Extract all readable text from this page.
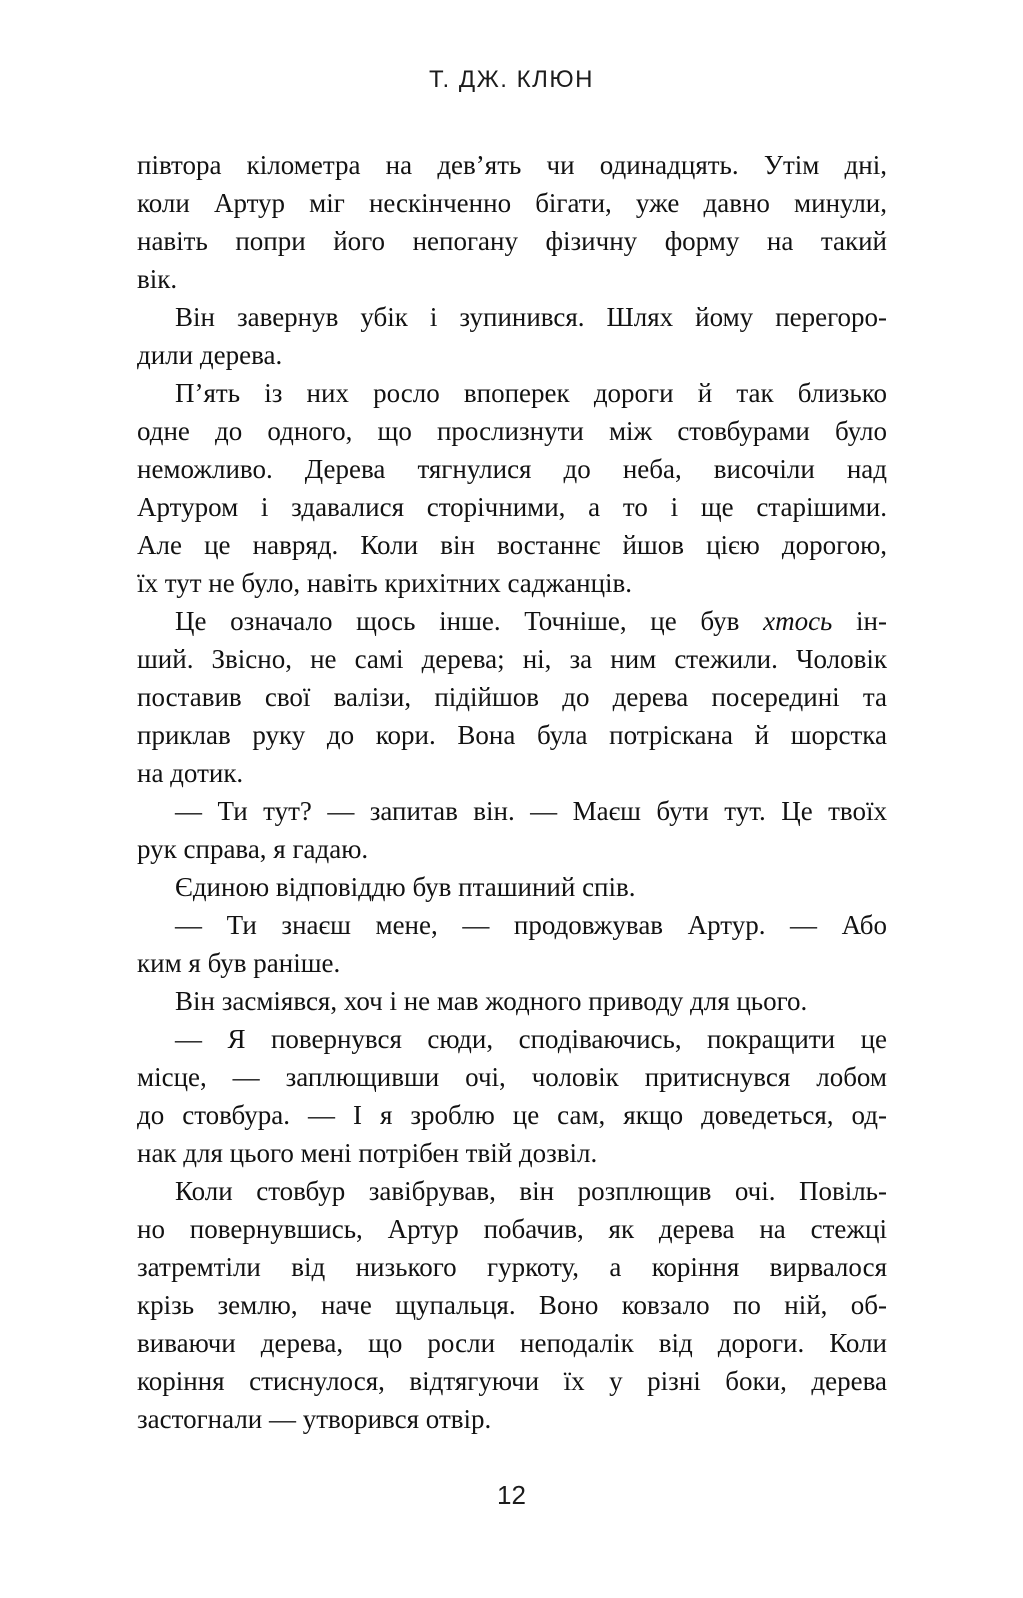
Т. ДЖ. КЛЮН
півтора кілометра на дев’ять чи одинадцять. Утім дні,
коли Артур міг нескінченно бігати, уже давно минули,
навіть попри його непогану фізичну форму на такий
вік.
Він завернув убік і зупинився. Шлях йому перегоро-
дили дерева.
П’ять із них росло впоперек дороги й так близько
одне до одного, що прослизнути між стовбурами було
неможливо. Дерева тягнулися до неба, височіли над
Артуром і здавалися сторічними, а то і ще старішими.
Але це навряд. Коли він востаннє йшов цією дорогою,
їх тут не було, навіть крихітних саджанців.
Це означало щось інше. Точніше, це був хтось ін-
ший. Звісно, не самі дерева; ні, за ним стежили. Чоловік
поставив свої валізи, підійшов до дерева посередині та
приклав руку до кори. Вона була потріскана й шорстка
на дотик.
— Ти тут? — запитав він. — Маєш бути тут. Це твоїх
рук справа, я гадаю.
Єдиною відповіддю був пташиний спів.
— Ти знаєш мене, — продовжував Артур. — Або
ким я був раніше.
Він засміявся, хоч і не мав жодного приводу для цього.
— Я повернувся сюди, сподіваючись, покращити це
місце, — заплющивши очі, чоловік притиснувся лобом
до стовбура. — І я зроблю це сам, якщо доведеться, од-
нак для цього мені потрібен твій дозвіл.
Коли стовбур завібрував, він розплющив очі. Повіль-
но повернувшись, Артур побачив, як дерева на стежці
затремтіли від низького гуркоту, а коріння вирвалося
крізь землю, наче щупальця. Воно ковзало по ній, об-
виваючи дерева, що росли неподалік від дороги. Коли
коріння стиснулося, відтягуючи їх у різні боки, дерева
застогнали — утворився отвір.
12
